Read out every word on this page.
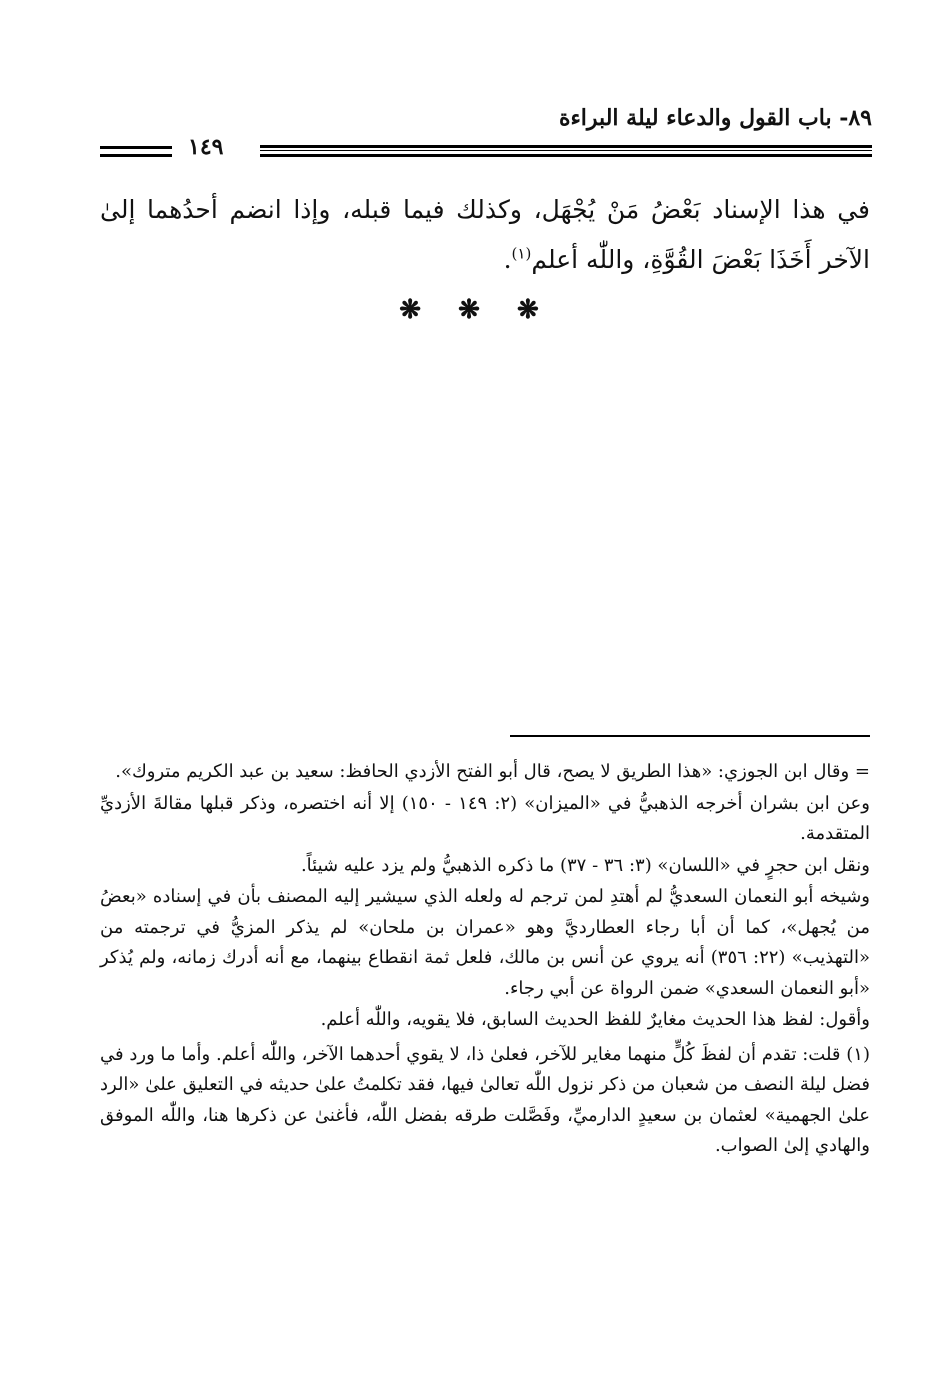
٨٩- باب القول والدعاء ليلة البراءة
١٤٩

في هذا الإسناد بَعْضُ مَنْ يُجْهَل، وكذلك فيما قبله، وإذا انضم أحدُهما إلىٰ الآخر أَخَذَا بَعْضَ القُوَّةِ، واللّٰه أعلم$^{(١)}$.

❋ ❋ ❋

= وقال ابن الجوزي: «هذا الطريق لا يصح، قال أبو الفتح الأزدي الحافظ: سعيد بن عبد الكريم متروك».

وعن ابن بشران أخرجه الذهبيُّ في «الميزان» (٢: ١٤٩ - ١٥٠) إلا أنه اختصره، وذكر قبلها مقالةَ الأزديِّ المتقدمة.

ونقل ابن حجرٍ في «اللسان» (٣: ٣٦ - ٣٧) ما ذكره الذهبيُّ ولم يزد عليه شيئاً.

وشيخه أبو النعمان السعديُّ لم أهتدِ لمن ترجم له ولعله الذي سيشير إليه المصنف بأن في إسناده «بعضُ من يُجهل»، كما أن أبا رجاء العطارديَّ وهو «عمران بن ملحان» لم يذكر المزيُّ في ترجمته من «التهذيب» (٢٢: ٣٥٦) أنه يروي عن أنس بن مالك، فلعل ثمة انقطاع بينهما، مع أنه أدرك زمانه، ولم يُذكر «أبو النعمان السعدي» ضمن الرواة عن أبي رجاء.

وأقول: لفظ هذا الحديث مغايرٌ للفظ الحديث السابق، فلا يقويه، واللّٰه أعلم.

(١) قلت: تقدم أن لفظَ كُلٍّ منهما مغاير للآخر، فعلىٰ ذا، لا يقوي أحدهما الآخر، واللّٰه أعلم. وأما ما ورد في فضل ليلة النصف من شعبان من ذكر نزول اللّٰه تعالىٰ فيها، فقد تكلمتُ علىٰ حديثه في التعليق علىٰ «الرد علىٰ الجهمية» لعثمان بن سعيدٍ الدارميِّ، وفَصَّلت طرقه بفضل اللّٰه، فأغنىٰ عن ذكرها هنا، واللّٰه الموفق والهادي إلىٰ الصواب.
